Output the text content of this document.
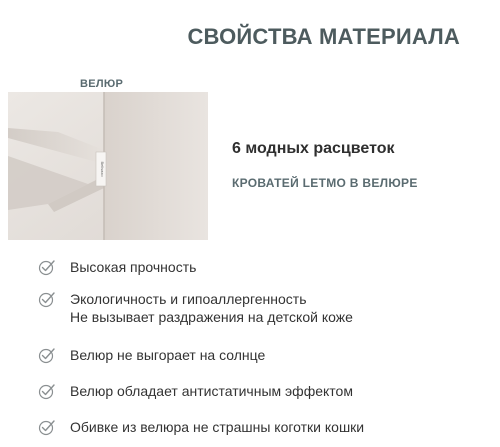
СВОЙСТВА МАТЕРИАЛА
ВЕЛЮР
Bellsaxo
6 модных расцветок
КРОВАТЕЙ LETMO В ВЕЛЮРЕ
Высокая прочность
Экологичность и гипоаллергенность
Не вызывает раздражения на детской коже
Велюр не выгорает на солнце
Велюр обладает антистатичным эффектом
Обивке из велюра не страшны коготки кошки
